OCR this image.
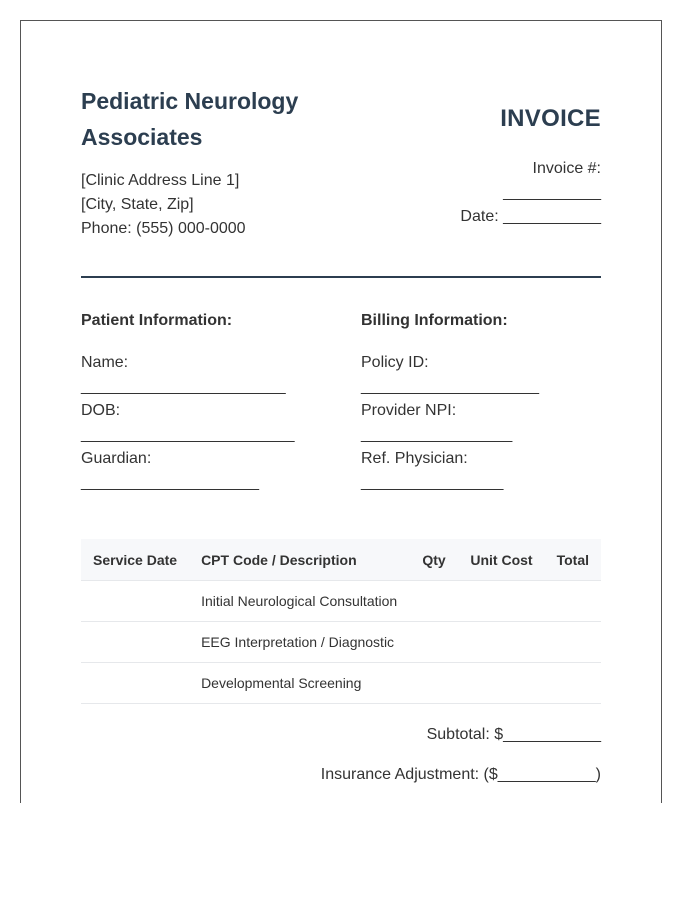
Pediatric Neurology Associates
[Clinic Address Line 1]
[City, State, Zip]
Phone: (555) 000-0000
INVOICE
Invoice #:
___________
Date: ___________
Patient Information:
Name:
_______________________
DOB:
________________________
Guardian:
____________________
Billing Information:
Policy ID:
____________________
Provider NPI:
_________________
Ref. Physician:
________________
Service Date	CPT Code / Description	Qty	Unit Cost	Total
	Initial Neurological Consultation			
	EEG Interpretation / Diagnostic			
	Developmental Screening			
Subtotal: $___________
Insurance Adjustment: ($___________)
